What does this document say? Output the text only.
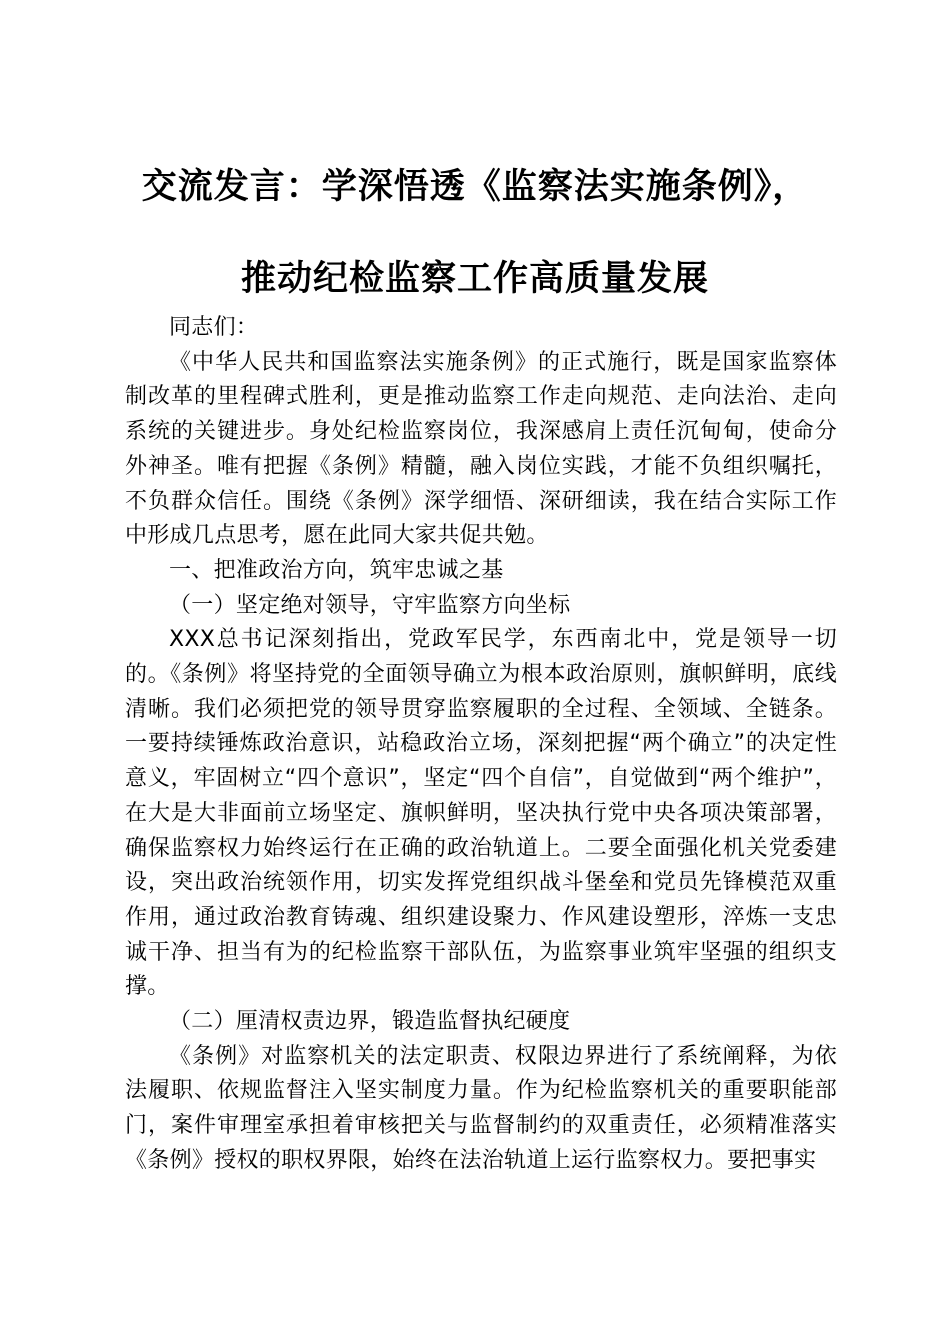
交流发言：学深悟透《监察法实施条例》，
推动纪检监察工作高质量发展

同志们：

《中华人民共和国监察法实施条例》的正式施行，既是国家监察体制改革的里程碑式胜利，更是推动监察工作走向规范、走向法治、走向系统的关键进步。身处纪检监察岗位，我深感肩上责任沉甸甸，使命分外神圣。唯有把握《条例》精髓，融入岗位实践，才能不负组织嘱托，不负群众信任。围绕《条例》深学细悟、深研细读，我在结合实际工作中形成几点思考，愿在此同大家共促共勉。

一、把准政治方向，筑牢忠诚之基

（一）坚定绝对领导，守牢监察方向坐标

XXX总书记深刻指出，党政军民学，东西南北中，党是领导一切的。《条例》将坚持党的全面领导确立为根本政治原则，旗帜鲜明，底线清晰。我们必须把党的领导贯穿监察履职的全过程、全领域、全链条。一要持续锤炼政治意识，站稳政治立场，深刻把握“两个确立”的决定性意义，牢固树立“四个意识”，坚定“四个自信”，自觉做到“两个维护”，在大是大非面前立场坚定、旗帜鲜明，坚决执行党中央各项决策部署，确保监察权力始终运行在正确的政治轨道上。二要全面强化机关党委建设，突出政治统领作用，切实发挥党组织战斗堡垒和党员先锋模范双重作用，通过政治教育铸魂、组织建设聚力、作风建设塑形，淬炼一支忠诚干净、担当有为的纪检监察干部队伍，为监察事业筑牢坚强的组织支撑。

（二）厘清权责边界，锻造监督执纪硬度

《条例》对监察机关的法定职责、权限边界进行了系统阐释，为依法履职、依规监督注入坚实制度力量。作为纪检监察机关的重要职能部门，案件审理室承担着审核把关与监督制约的双重责任，必须精准落实《条例》授权的职权界限，始终在法治轨道上运行监察权力。要把事实
